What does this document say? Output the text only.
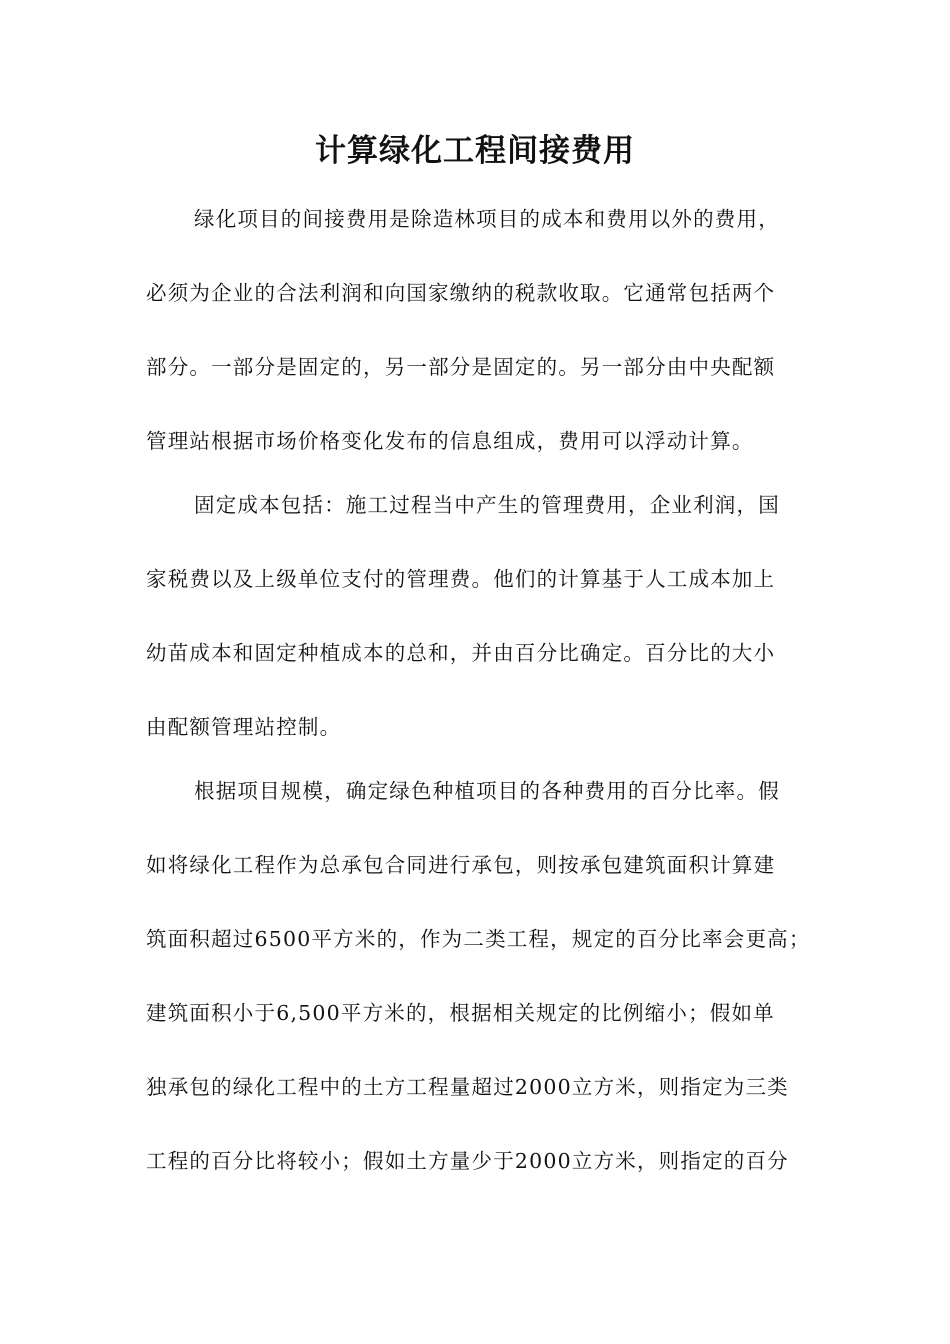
计算绿化工程间接费用
绿化项目的间接费用是除造林项目的成本和费用以外的费用，
必须为企业的合法利润和向国家缴纳的税款收取。它通常包括两个
部分。一部分是固定的，另一部分是固定的。另一部分由中央配额
管理站根据市场价格变化发布的信息组成，费用可以浮动计算。
固定成本包括：施工过程当中产生的管理费用，企业利润，国
家税费以及上级单位支付的管理费。他们的计算基于人工成本加上
幼苗成本和固定种植成本的总和，并由百分比确定。百分比的大小
由配额管理站控制。
根据项目规模，确定绿色种植项目的各种费用的百分比率。假
如将绿化工程作为总承包合同进行承包，则按承包建筑面积计算建
筑面积超过6500平方米的，作为二类工程，规定的百分比率会更高；
建筑面积小于6,500平方米的，根据相关规定的比例缩小；假如单
独承包的绿化工程中的土方工程量超过2000立方米，则指定为三类
工程的百分比将较小；假如土方量少于2000立方米，则指定的百分
